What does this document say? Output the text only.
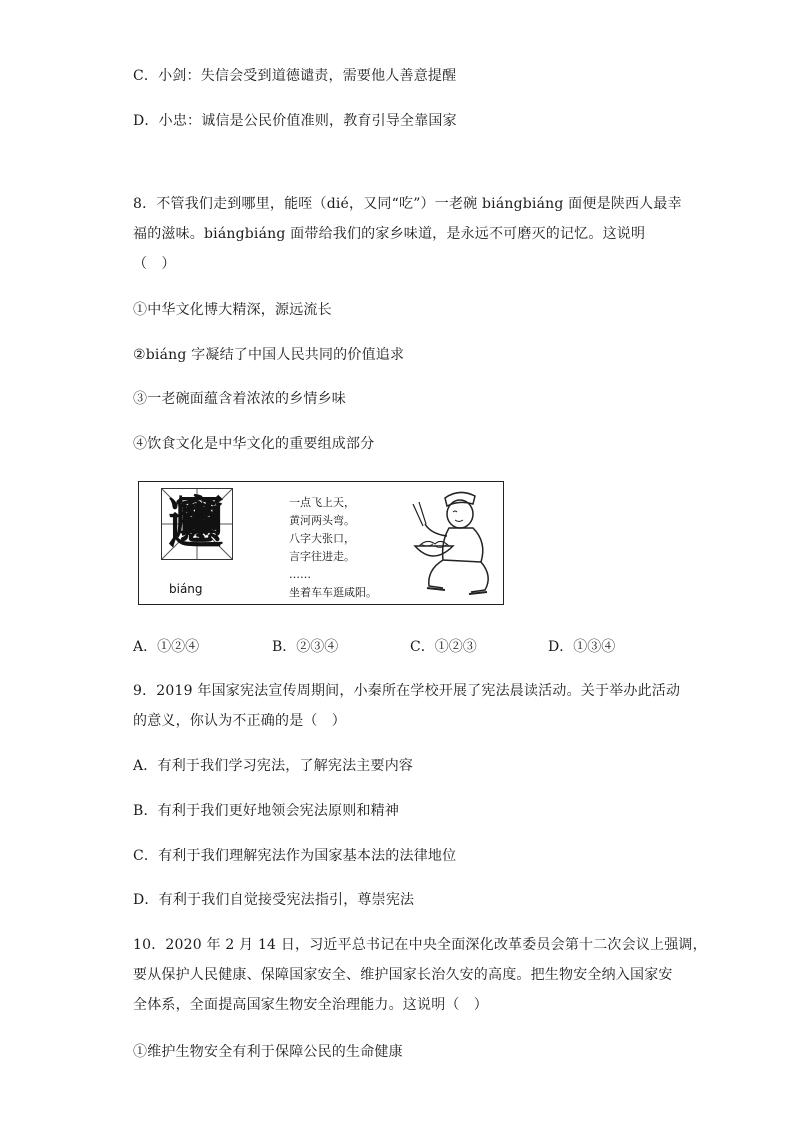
C．小剑：失信会受到道德谴责，需要他人善意提醒
D．小忠：诚信是公民价值准则，教育引导全靠国家
8．不管我们走到哪里，能咥（dié，又同“吃”）一老碗 biángbiáng 面便是陕西人最幸
福的滋味。biángbiáng 面带给我们的家乡味道，是永远不可磨灭的记忆。这说明
（　）
①中华文化博大精深，源远流长
②biáng 字凝结了中国人民共同的价值追求
③一老碗面蕴含着浓浓的乡情乡味
④饮食文化是中华文化的重要组成部分
𰻞
biáng
一点飞上天，
黄河两头弯。
八字大张口，
言字往进走。
……
坐着车车逛咸阳。
A．①②④	B．②③④	C．①②③	D．①③④
9．2019 年国家宪法宣传周期间，小秦所在学校开展了宪法晨读活动。关于举办此活动
的意义，你认为不正确的是（　）
A．有利于我们学习宪法，了解宪法主要内容
B．有利于我们更好地领会宪法原则和精神
C．有利于我们理解宪法作为国家基本法的法律地位
D．有利于我们自觉接受宪法指引，尊崇宪法
10．2020 年 2 月 14 日，习近平总书记在中央全面深化改革委员会第十二次会议上强调，
要从保护人民健康、保障国家安全、维护国家长治久安的高度。把生物安全纳入国家安
全体系，全面提高国家生物安全治理能力。这说明（　）
①维护生物安全有利于保障公民的生命健康
